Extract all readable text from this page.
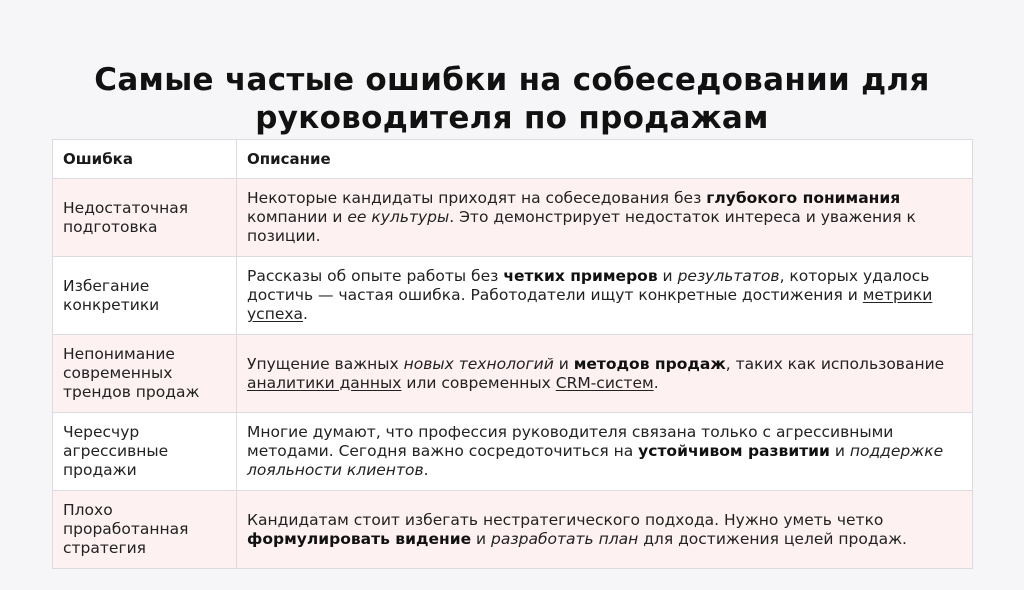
Самые частые ошибки на собеседовании для
руководителя по продажам
Ошибка	Описание
Недостаточная подготовка	Некоторые кандидаты приходят на собеседования без глубокого понимания компании и ее культуры. Это демонстрирует недостаток интереса и уважения к позиции.
Избегание конкретики	Рассказы об опыте работы без четких примеров и результатов, которых удалось достичь — частая ошибка. Работодатели ищут конкретные достижения и метрики успеха.
Непонимание современных трендов продаж	Упущение важных новых технологий и методов продаж, таких как использование аналитики данных или современных CRM-систем.
Чересчур агрессивные продажи	Многие думают, что профессия руководителя связана только с агрессивными методами. Сегодня важно сосредоточиться на устойчивом развитии и поддержке лояльности клиентов.
Плохо проработанная стратегия	Кандидатам стоит избегать нестратегического подхода. Нужно уметь четко формулировать видение и разработать план для достижения целей продаж.
